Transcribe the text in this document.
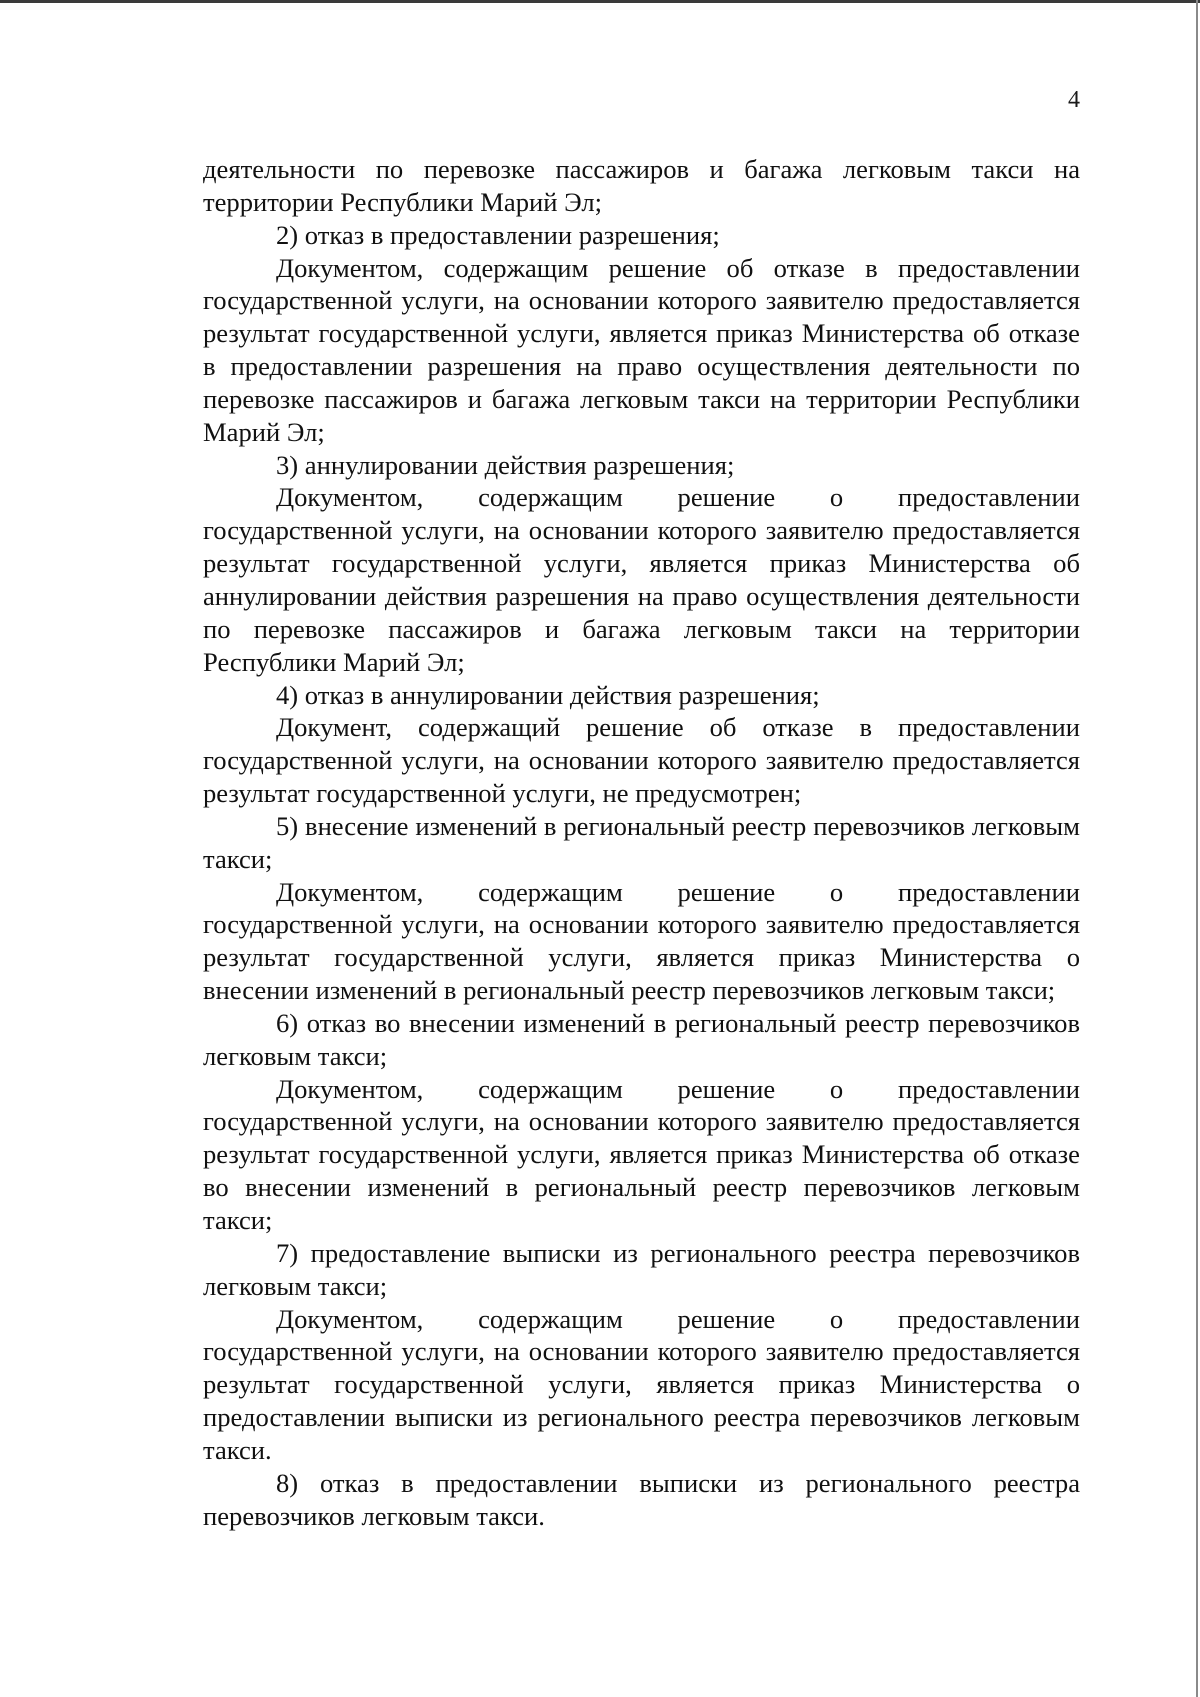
4

деятельности по перевозке пассажиров и багажа легковым такси на территории Республики Марий Эл;

2) отказ в предоставлении разрешения;

Документом, содержащим решение об отказе в предоставлении государственной услуги, на основании которого заявителю предоставляется результат государственной услуги, является приказ Министерства об отказе в предоставлении разрешения на право осуществления деятельности по перевозке пассажиров и багажа легковым такси на территории Республики Марий Эл;

3) аннулировании действия разрешения;

Документом, содержащим решение о предоставлении государственной услуги, на основании которого заявителю предоставляется результат государственной услуги, является приказ Министерства об аннулировании действия разрешения на право осуществления деятельности по перевозке пассажиров и багажа легковым такси на территории Республики Марий Эл;

4) отказ в аннулировании действия разрешения;

Документ, содержащий решение об отказе в предоставлении государственной услуги, на основании которого заявителю предоставляется результат государственной услуги, не предусмотрен;

5) внесение изменений в региональный реестр перевозчиков легковым такси;

Документом, содержащим решение о предоставлении государственной услуги, на основании которого заявителю предоставляется результат государственной услуги, является приказ Министерства о внесении изменений в региональный реестр перевозчиков легковым такси;

6) отказ во внесении изменений в региональный реестр перевозчиков легковым такси;

Документом, содержащим решение о предоставлении государственной услуги, на основании которого заявителю предоставляется результат государственной услуги, является приказ Министерства об отказе во внесении изменений в региональный реестр перевозчиков легковым такси;

7) предоставление выписки из регионального реестра перевозчиков легковым такси;

Документом, содержащим решение о предоставлении государственной услуги, на основании которого заявителю предоставляется результат государственной услуги, является приказ Министерства о предоставлении выписки из регионального реестра перевозчиков легковым такси.

8) отказ в предоставлении выписки из регионального реестра перевозчиков легковым такси.
